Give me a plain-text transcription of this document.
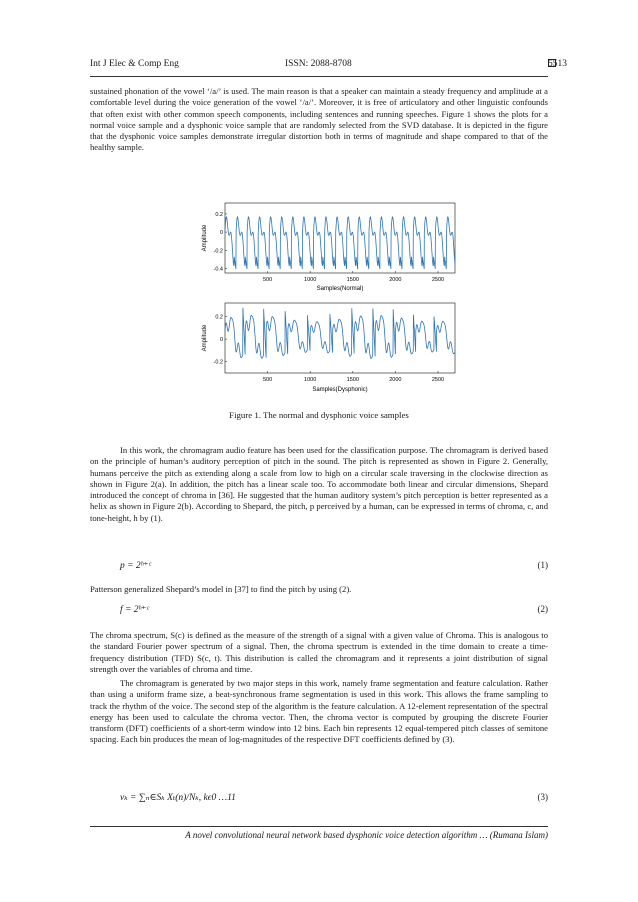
Int J Elec & Comp Eng	ISSN: 2088-8708	5513

sustained phonation of the vowel ‘/a/’ is used. The main reason is that a speaker can maintain a steady frequency and amplitude at a comfortable level during the voice generation of the vowel ‘/a/’. Moreover, it is free of articulatory and other linguistic confounds that often exist with other common speech components, including sentences and running speeches. Figure 1 shows the plots for a normal voice sample and a dysphonic voice sample that are randomly selected from the SVD database. It is depicted in the figure that the dysphonic voice samples demonstrate irregular distortion both in terms of magnitude and shape compared to that of the healthy sample.

500	1000	1500	2000	2500
0.2
0
-0.2
-0.4
Samples(Normal)
Amplitude
500	1000	1500	2000	2500
0.2
0
-0.2
Samples(Dysphonic)
Amplitude
Figure 1. The normal and dysphonic voice samples

In this work, the chromagram audio feature has been used for the classification purpose. The chromagram is derived based on the principle of human’s auditory perception of pitch in the sound. The pitch is represented as shown in Figure 2. Generally, humans perceive the pitch as extending along a scale from low to high on a circular scale traversing in the clockwise direction as shown in Figure 2(a). In addition, the pitch has a linear scale too. To accommodate both linear and circular dimensions, Shepard introduced the concept of chroma in [36]. He suggested that the human auditory system’s pitch perception is better represented as a helix as shown in Figure 2(b). According to Shepard, the pitch, p perceived by a human, can be expressed in terms of chroma, c, and tone-height, h by (1).

p = 2ʰ⁺ᶜ	(1)

Patterson generalized Shepard’s model in [37] to find the pitch by using (2).

f = 2ʰ⁺ᶜ	(2)

The chroma spectrum, S(c) is defined as the measure of the strength of a signal with a given value of Chroma. This is analogous to the standard Fourier power spectrum of a signal. Then, the chroma spectrum is extended in the time domain to create a time-frequency distribution (TFD) S(c, t). This distribution is called the chromagram and it represents a joint distribution of signal strength over the variables of chroma and time.

The chromagram is generated by two major steps in this work, namely frame segmentation and feature calculation. Rather than using a uniform frame size, a beat-synchronous frame segmentation is used in this work. This allows the frame sampling to track the rhythm of the voice. The second step of the algorithm is the feature calculation. A 12-element representation of the spectral energy has been used to calculate the chroma vector. Then, the chroma vector is computed by grouping the discrete Fourier transform (DFT) coefficients of a short-term window into 12 bins. Each bin represents 12 equal-tempered pitch classes of semitone spacing. Each bin produces the mean of log-magnitudes of the respective DFT coefficients defined by (3).

vₖ = ∑ₙ∈Sₖ Xₜ(n)/Nₖ, kϵ0 …11	(3)
A novel convolutional neural network based dysphonic voice detection algorithm … (Rumana Islam)
